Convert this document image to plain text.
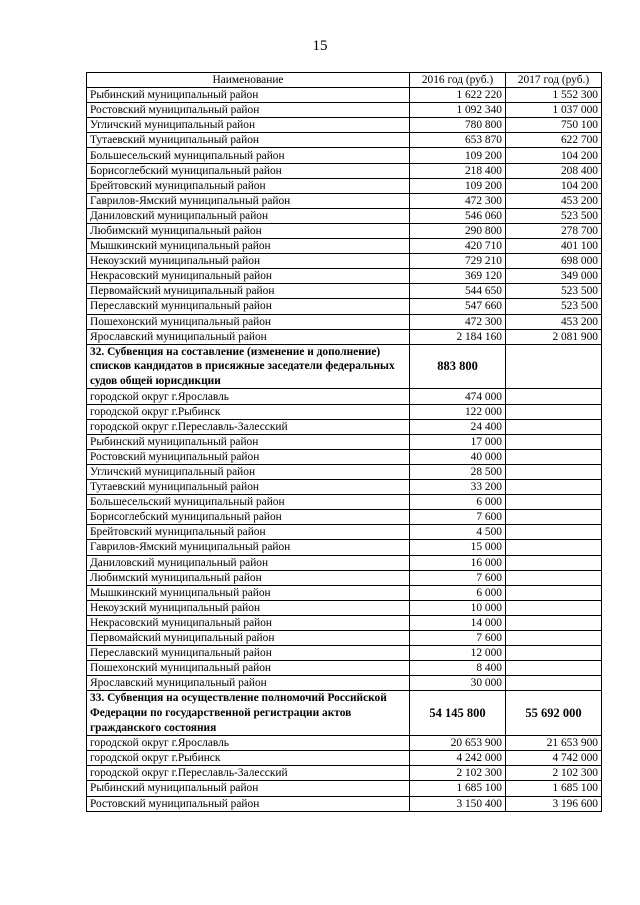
15
Наименование	2016 год (руб.)	2017 год (руб.)
Рыбинский муниципальный район	1 622 220	1 552 300
Ростовский муниципальный район	1 092 340	1 037 000
Угличский муниципальный район	780 800	750 100
Тутаевский муниципальный район	653 870	622 700
Большесельский муниципальный район	109 200	104 200
Борисоглебский муниципальный район	218 400	208 400
Брейтовский муниципальный район	109 200	104 200
Гаврилов-Ямский муниципальный район	472 300	453 200
Даниловский муниципальный район	546 060	523 500
Любимский муниципальный район	290 800	278 700
Мышкинский муниципальный район	420 710	401 100
Некоузский муниципальный район	729 210	698 000
Некрасовский муниципальный район	369 120	349 000
Первомайский муниципальный район	544 650	523 500
Переславский муниципальный район	547 660	523 500
Пошехонский муниципальный район	472 300	453 200
Ярославский муниципальный район	2 184 160	2 081 900
32. Субвенция на составление (изменение и дополнение) списков кандидатов в присяжные заседатели федеральных судов общей юрисдикции	883 800	
городской округ г.Ярославль	474 000	
городской округ г.Рыбинск	122 000	
городской округ г.Переславль-Залесский	24 400	
Рыбинский муниципальный район	17 000	
Ростовский муниципальный район	40 000	
Угличский муниципальный район	28 500	
Тутаевский муниципальный район	33 200	
Большесельский муниципальный район	6 000	
Борисоглебский муниципальный район	7 600	
Брейтовский муниципальный район	4 500	
Гаврилов-Ямский муниципальный район	15 000	
Даниловский муниципальный район	16 000	
Любимский муниципальный район	7 600	
Мышкинский муниципальный район	6 000	
Некоузский муниципальный район	10 000	
Некрасовский муниципальный район	14 000	
Первомайский муниципальный район	7 600	
Переславский муниципальный район	12 000	
Пошехонский муниципальный район	8 400	
Ярославский муниципальный район	30 000	
33. Субвенция на осуществление полномочий Российской Федерации по государственной регистрации актов гражданского состояния	54 145 800	55 692 000
городской округ г.Ярославль	20 653 900	21 653 900
городской округ г.Рыбинск	4 242 000	4 742 000
городской округ г.Переславль-Залесский	2 102 300	2 102 300
Рыбинский муниципальный район	1 685 100	1 685 100
Ростовский муниципальный район	3 150 400	3 196 600
